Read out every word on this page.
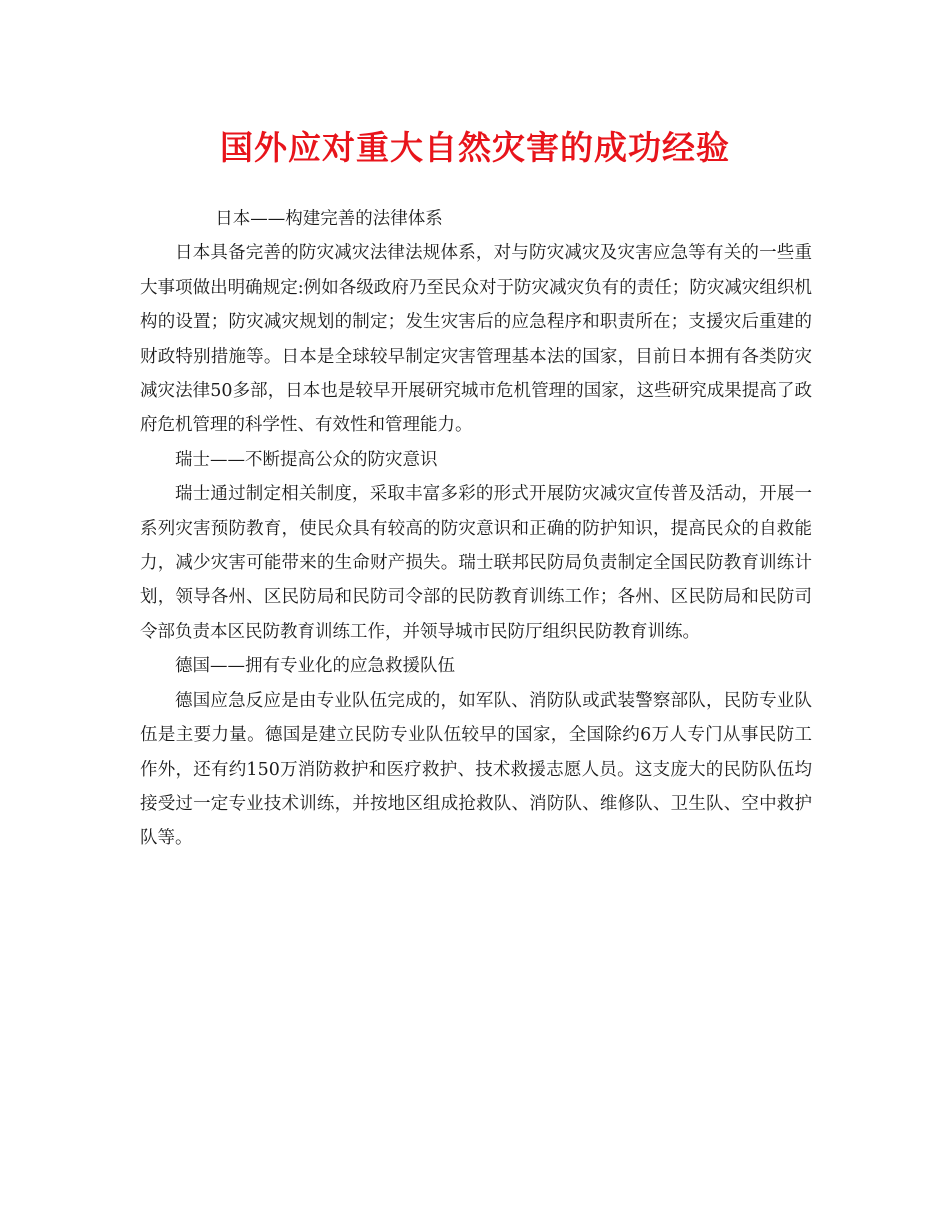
国外应对重大自然灾害的成功经验

日本——构建完善的法律体系

日本具备完善的防灾减灾法律法规体系，对与防灾减灾及灾害应急等有关的一些重大事项做出明确规定:例如各级政府乃至民众对于防灾减灾负有的责任；防灾减灾组织机构的设置；防灾减灾规划的制定；发生灾害后的应急程序和职责所在；支援灾后重建的财政特别措施等。日本是全球较早制定灾害管理基本法的国家，目前日本拥有各类防灾减灾法律50多部，日本也是较早开展研究城市危机管理的国家，这些研究成果提高了政府危机管理的科学性、有效性和管理能力。

瑞士——不断提高公众的防灾意识

瑞士通过制定相关制度，采取丰富多彩的形式开展防灾减灾宣传普及活动，开展一系列灾害预防教育，使民众具有较高的防灾意识和正确的防护知识，提高民众的自救能力，减少灾害可能带来的生命财产损失。瑞士联邦民防局负责制定全国民防教育训练计划，领导各州、区民防局和民防司令部的民防教育训练工作；各州、区民防局和民防司令部负责本区民防教育训练工作，并领导城市民防厅组织民防教育训练。

德国——拥有专业化的应急救援队伍

德国应急反应是由专业队伍完成的，如军队、消防队或武装警察部队，民防专业队伍是主要力量。德国是建立民防专业队伍较早的国家，全国除约6万人专门从事民防工作外，还有约150万消防救护和医疗救护、技术救援志愿人员。这支庞大的民防队伍均接受过一定专业技术训练，并按地区组成抢救队、消防队、维修队、卫生队、空中救护队等。
